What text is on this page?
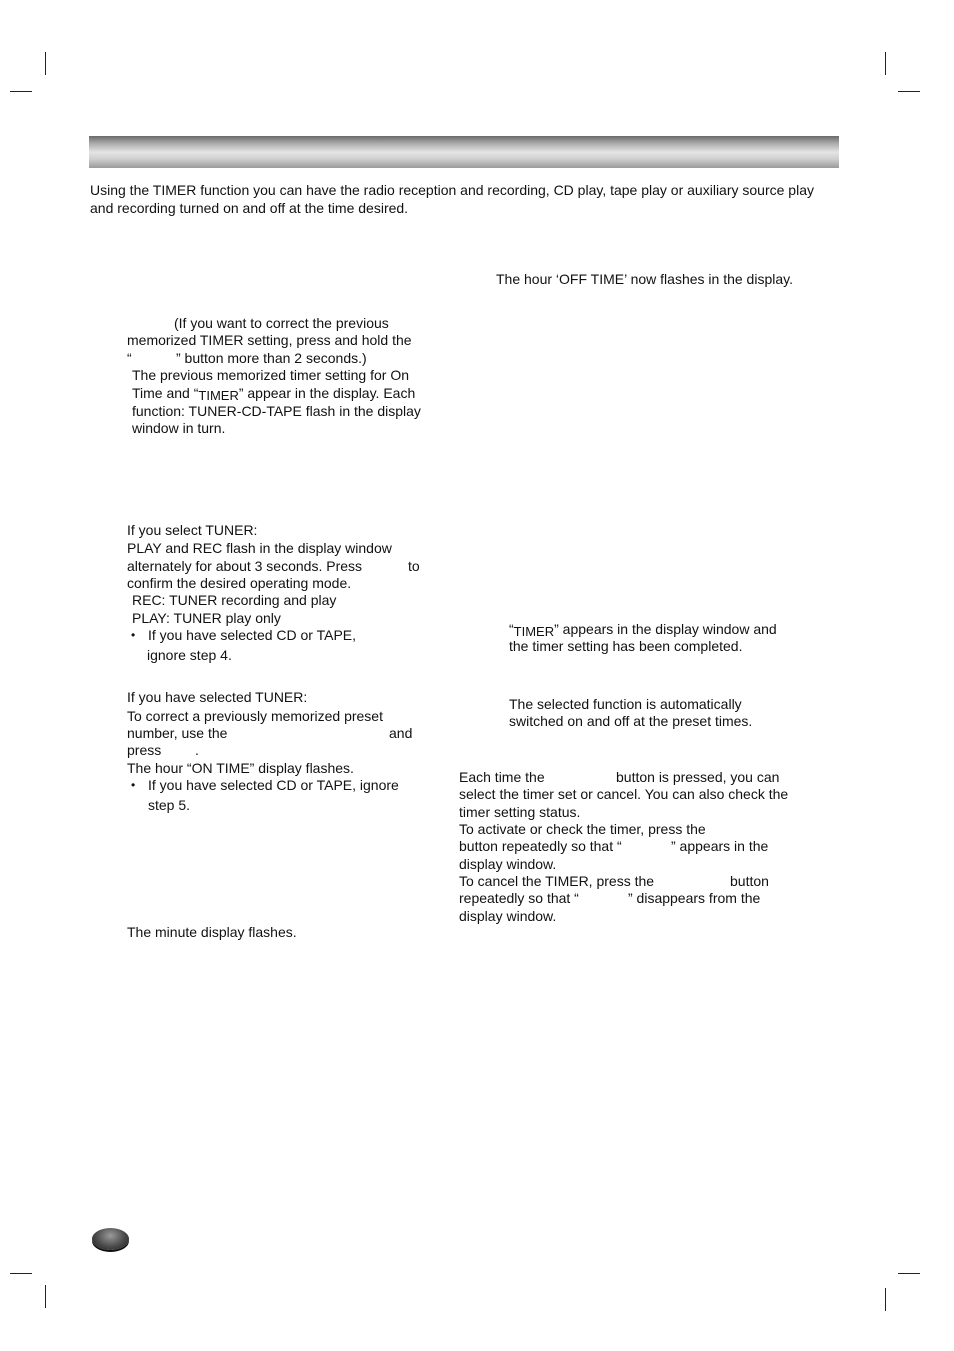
Using the TIMER function you can have the radio reception and recording, CD play, tape play or auxiliary source play and recording turned on and off at the time desired.
(If you want to correct the previous
memorized TIMER setting, press and hold the
“	” button more than 2 seconds.)
The previous memorized timer setting for On
Time and “TIMER” appear in the display. Each
function: TUNER-CD-TAPE flash in the display
window in turn.
If you select TUNER:
PLAY and REC flash in the display window
alternately for about 3 seconds. Press	to
confirm the desired operating mode.
REC: TUNER recording and play
PLAY: TUNER play only
• If you have selected CD or TAPE,
ignore step 4.
If you have selected TUNER:
To correct a previously memorized preset
number, use the	and
press .
The hour “ON TIME” display flashes.
• If you have selected CD or TAPE, ignore
step 5.
The minute display flashes.
The hour ‘OFF TIME’ now flashes in the display.
“TIMER” appears in the display window and
the timer setting has been completed.
The selected function is automatically
switched on and off at the preset times.
Each time the	button is pressed, you can
select the timer set or cancel. You can also check the
timer setting status.
To activate or check the timer, press the
button repeatedly so that “	” appears in the
display window.
To cancel the TIMER, press the	button
repeatedly so that “	” disappears from the
display window.
